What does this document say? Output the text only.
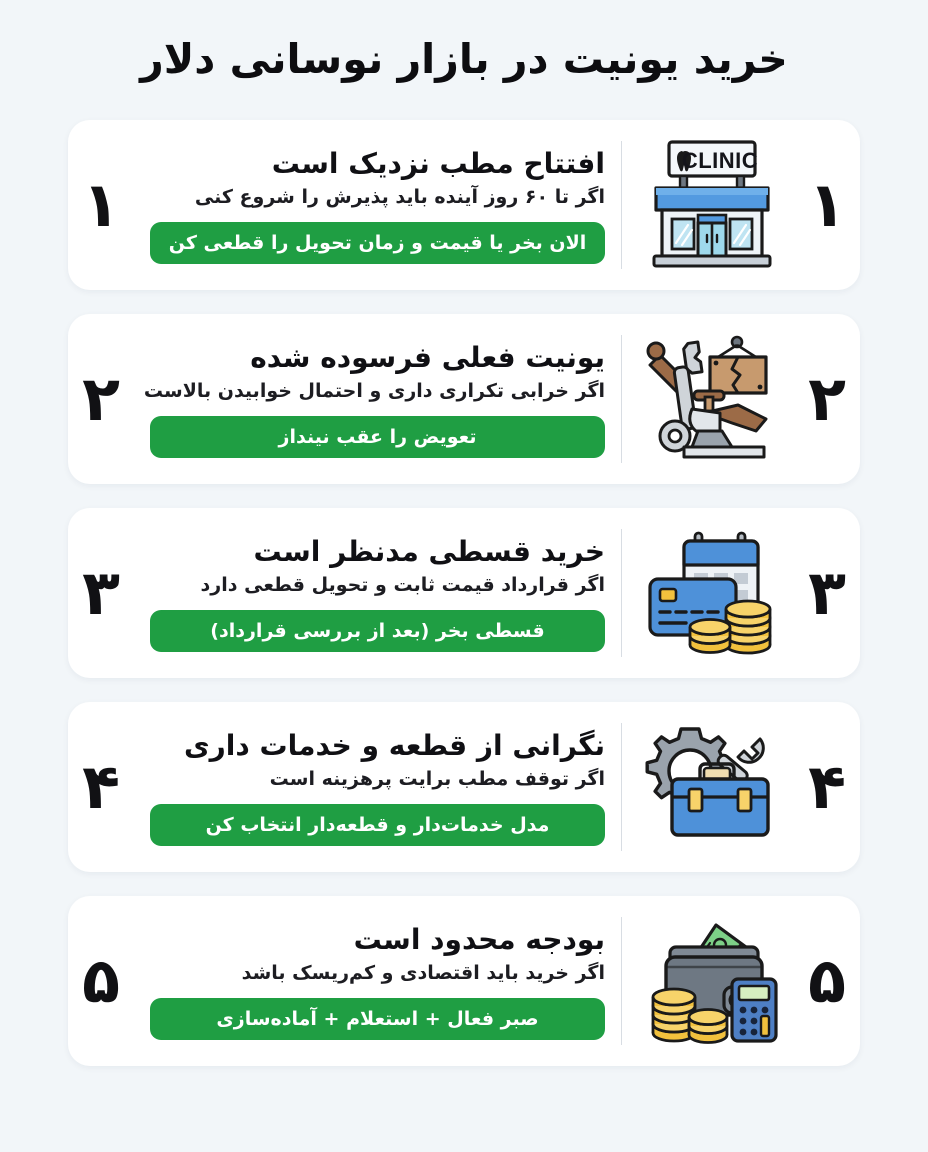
خرید یونیت در بازار نوسانی دلار
۱
افتتاح مطب نزدیک است
اگر تا ۶۰ روز آینده باید پذیرش را شروع کنی
الان بخر یا قیمت و زمان تحویل را قطعی کن
CLINIC
۱
۲
یونیت فعلی فرسوده شده
اگر خرابی تکراری داری و احتمال خوابیدن بالاست
تعویض را عقب نینداز
۲
۳
خرید قسطی مدنظر است
اگر قرارداد قیمت ثابت و تحویل قطعی دارد
قسطی بخر (بعد از بررسی قرارداد)
۳
۴
نگرانی از قطعه و خدمات داری
اگر توقف مطب برایت پرهزینه است
مدل خدمات‌دار و قطعه‌دار انتخاب کن
۴
۵
بودجه محدود است
اگر خرید باید اقتصادی و کم‌ریسک باشد
صبر فعال + استعلام + آماده‌سازی
۵
